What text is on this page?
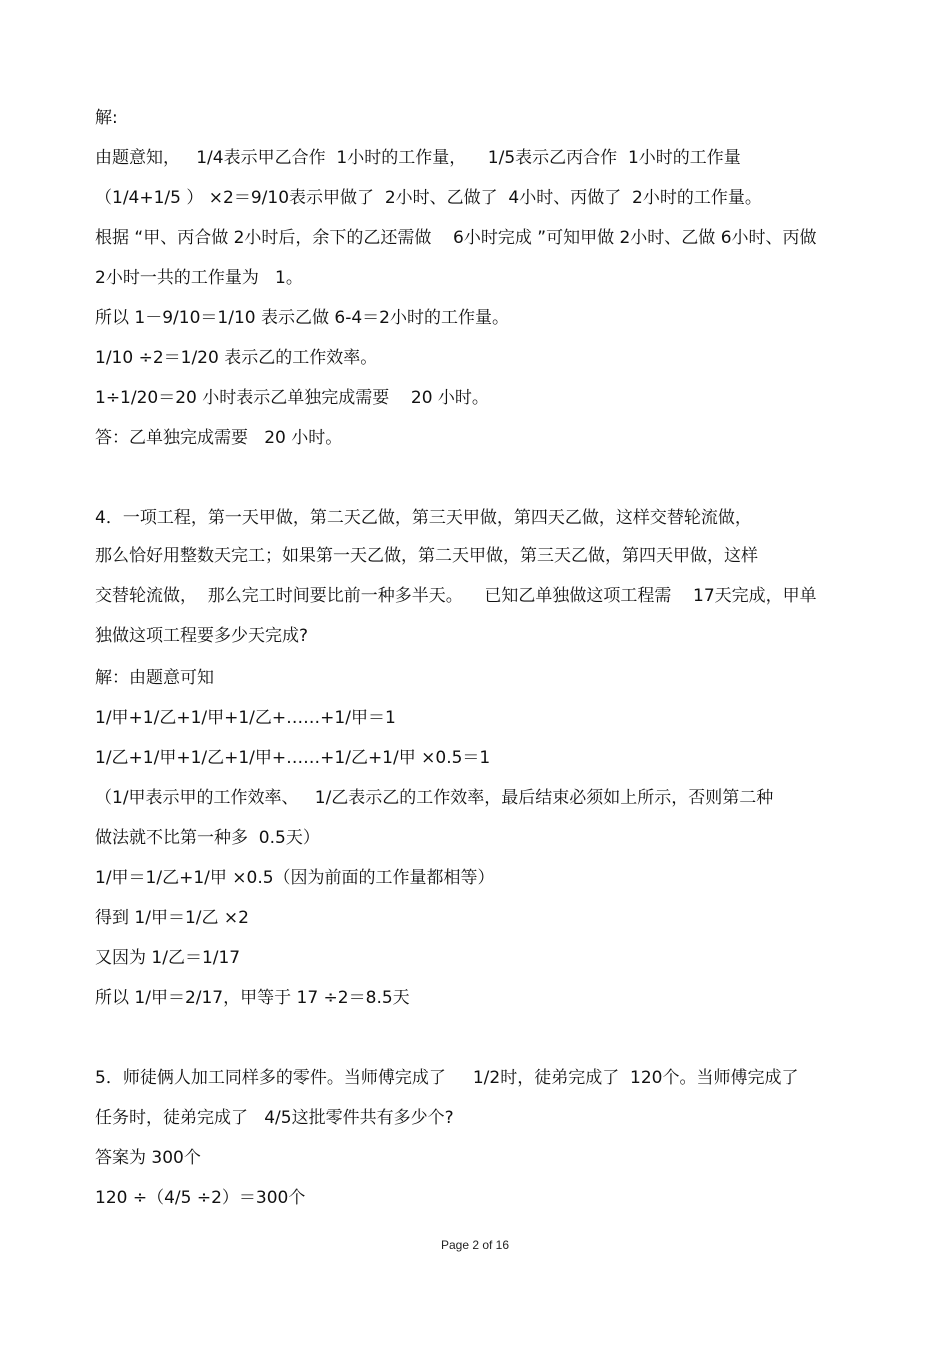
解:
由题意知，   1/4表示甲乙合作  1小时的工作量，    1/5表示乙丙合作  1小时的工作量
（1/4+1/5 ） ×2＝9/10表示甲做了  2小时、乙做了  4小时、丙做了  2小时的工作量。
根据 “甲、丙合做 2小时后，余下的乙还需做    6小时完成 ”可知甲做 2小时、乙做 6小时、丙做
2小时一共的工作量为   1。
所以 1－9/10＝1/10 表示乙做 6-4＝2小时的工作量。
1/10 ÷2＝1/20 表示乙的工作效率。
1÷1/20＝20 小时表示乙单独完成需要    20 小时。
答：乙单独完成需要   20 小时。
4．一项工程，第一天甲做，第二天乙做，第三天甲做，第四天乙做，这样交替轮流做，
那么恰好用整数天完工；如果第一天乙做，第二天甲做，第三天乙做，第四天甲做，这样
交替轮流做，  那么完工时间要比前一种多半天。    已知乙单独做这项工程需    17天完成，甲单
独做这项工程要多少天完成?
解：由题意可知
1/甲+1/乙+1/甲+1/乙+……+1/甲＝1
1/乙+1/甲+1/乙+1/甲+……+1/乙+1/甲 ×0.5＝1
（1/甲表示甲的工作效率、   1/乙表示乙的工作效率，最后结束必须如上所示，否则第二种
做法就不比第一种多  0.5天）
1/甲＝1/乙+1/甲 ×0.5（因为前面的工作量都相等）
得到 1/甲＝1/乙 ×2
又因为 1/乙＝1/17
所以 1/甲＝2/17，甲等于 17 ÷2＝8.5天
5．师徒俩人加工同样多的零件。当师傅完成了     1/2时，徒弟完成了  120个。当师傅完成了
任务时，徒弟完成了   4/5这批零件共有多少个?
答案为 300个
120 ÷（4/5 ÷2）＝300个
Page 2 of 16
